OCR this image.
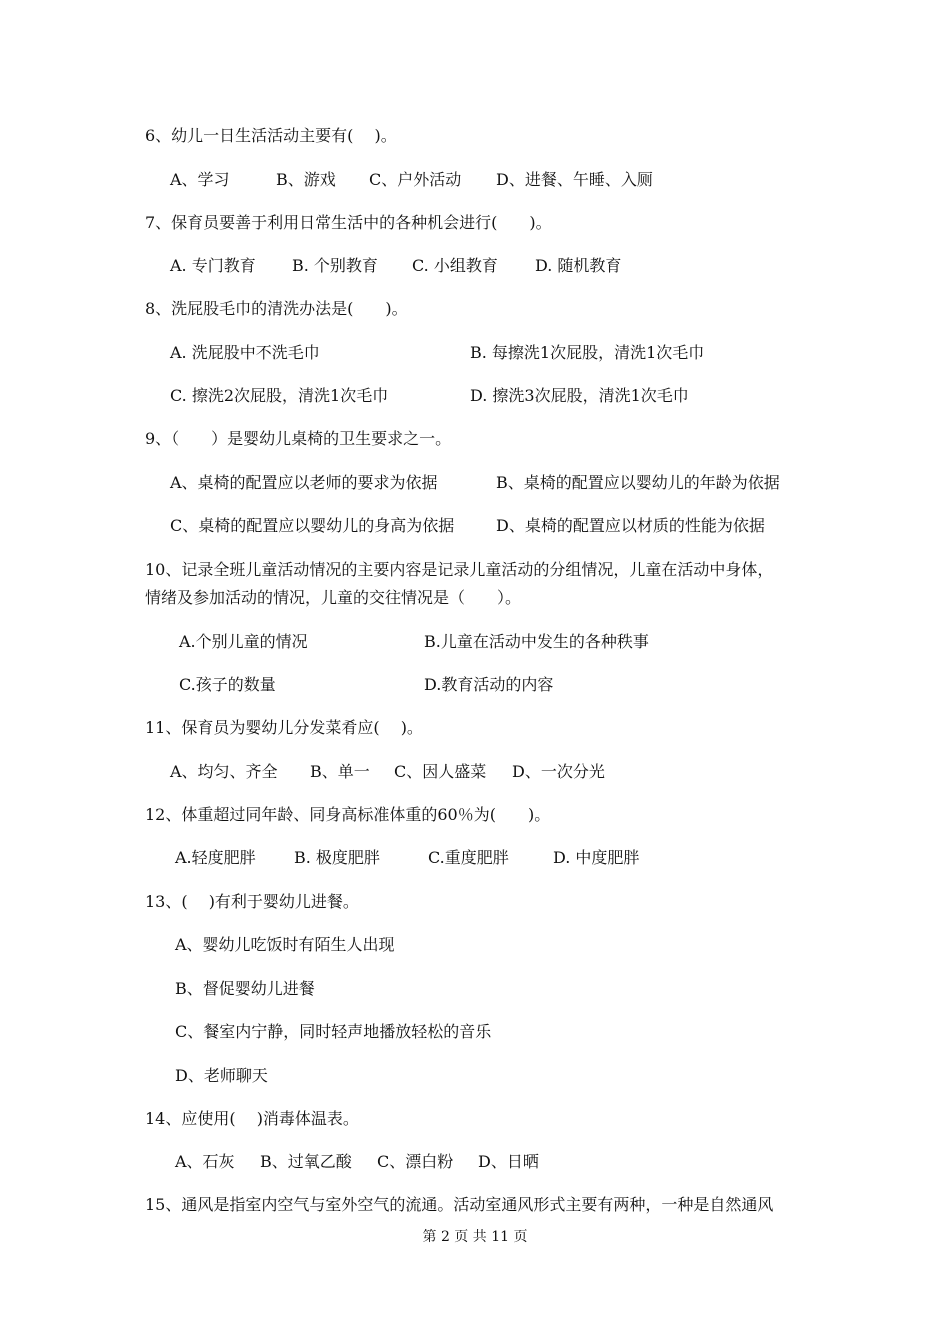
6、幼儿一日生活活动主要有(　 )。
A、学习	B、游戏 C、户外活动 D、进餐、午睡、入厕
7、保育员要善于利用日常生活中的各种机会进行(　　)。
A. 专门教育 B. 个别教育 C. 小组教育 D. 随机教育
8、洗屁股毛巾的清洗办法是(　　)。
A. 洗屁股中不洗毛巾	B. 每擦洗1次屁股，清洗1次毛巾
C. 擦洗2次屁股，清洗1次毛巾	D. 擦洗3次屁股，清洗1次毛巾
9、（　　）是婴幼儿桌椅的卫生要求之一。
A、桌椅的配置应以老师的要求为依据	B、桌椅的配置应以婴幼儿的年龄为依据
C、桌椅的配置应以婴幼儿的身高为依据	D、桌椅的配置应以材质的性能为依据
10、记录全班儿童活动情况的主要内容是记录儿童活动的分组情况，儿童在活动中身体，
情绪及参加活动的情况，儿童的交往情况是（　　）。
A.个别儿童的情况	B.儿童在活动中发生的各种秩事
C.孩子的数量	D.教育活动的内容
11、保育员为婴幼儿分发菜肴应(　 )。
A、均匀、齐全 B、单一 C、因人盛菜 D、一次分光
12、体重超过同年龄、同身高标准体重的60％为(　　)。
A.轻度肥胖 B. 极度肥胖	C.重度肥胖	D. 中度肥胖
13、(　 )有利于婴幼儿进餐。
A、婴幼儿吃饭时有陌生人出现
B、督促婴幼儿进餐
C、餐室内宁静，同时轻声地播放轻松的音乐
D、老师聊天
14、应使用(　 )消毒体温表。
A、石灰 B、过氧乙酸 C、漂白粉 D、日晒
15、通风是指室内空气与室外空气的流通。活动室通风形式主要有两种，一种是自然通风
第 2 页 共 11 页
